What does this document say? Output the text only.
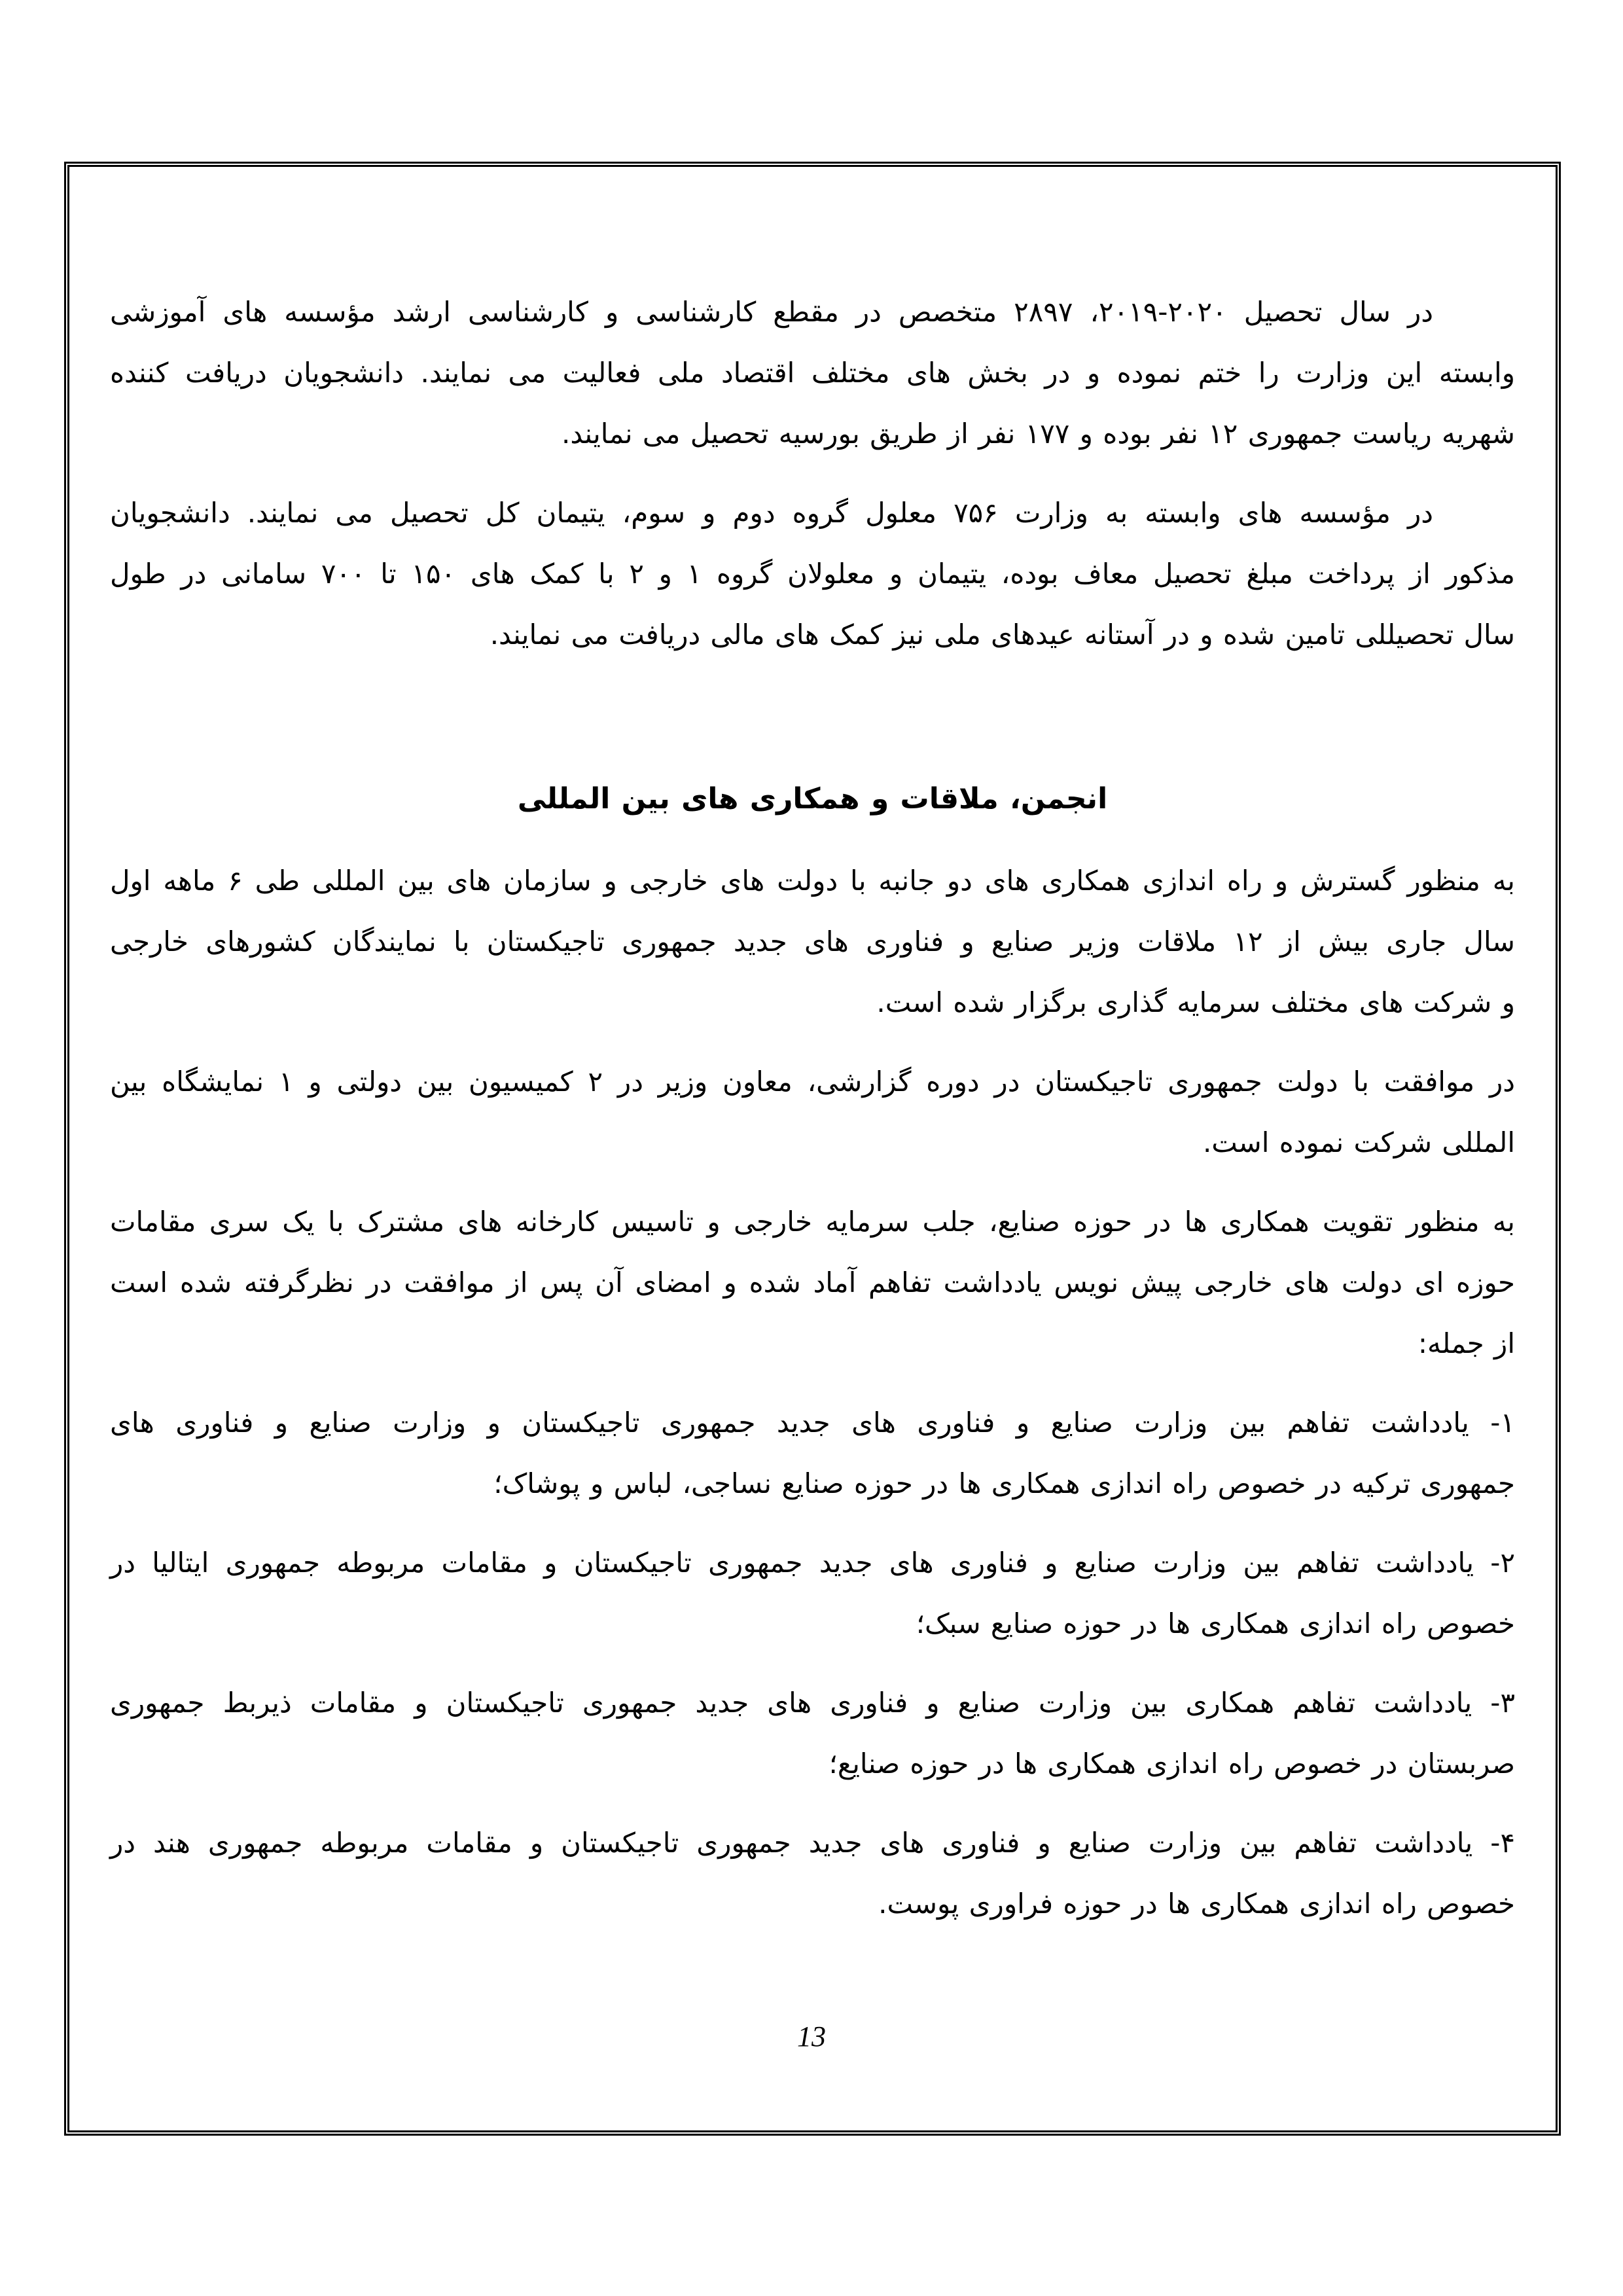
در سال تحصیل ۲۰۲۰-۲۰۱۹، ۲۸۹۷ متخصص در مقطع کارشناسی و کارشناسی ارشد مؤسسه های آموزشی
وابسته این وزارت را ختم نموده و در بخش های مختلف اقتصاد ملی فعالیت می نمایند. دانشجویان دریافت کننده
شهریه ریاست جمهوری ۱۲ نفر بوده و ۱۷۷ نفر از طریق بورسیه تحصیل می نمایند.
در مؤسسه های وابسته به وزارت ۷۵۶ معلول گروه دوم و سوم، یتیمان کل تحصیل می نمایند. دانشجویان
مذکور از پرداخت مبلغ تحصیل معاف بوده، یتیمان و معلولان گروه ۱ و ۲ با کمک های ۱۵۰ تا ۷۰۰ سامانی در طول
سال تحصیللی تامین شده و در آستانه عیدهای ملی نیز کمک های مالی دریافت می نمایند.
انجمن، ملاقات و همکاری های بین المللی
به منظور گسترش و راه اندازی همکاری های دو جانبه با دولت های خارجی و سازمان های بین المللی طی ۶ ماهه اول
سال جاری بیش از ۱۲ ملاقات وزیر صنایع و فناوری های جدید جمهوری تاجیکستان با نمایندگان کشورهای خارجی
و شرکت های مختلف سرمایه گذاری برگزار شده است.
در موافقت با دولت جمهوری تاجیکستان در دوره گزارشی، معاون وزیر در ۲ کمیسیون بین دولتی و ۱ نمایشگاه بین
المللی شرکت نموده است.
به منظور تقویت همکاری ها در حوزه صنایع، جلب سرمایه خارجی و تاسیس کارخانه های مشترک با یک سری مقامات
حوزه ای دولت های خارجی پیش نویس یادداشت تفاهم آماد شده و امضای آن پس از موافقت در نظرگرفته شده است
از جمله:
۱- یادداشت تفاهم بین وزارت صنایع و فناوری های جدید جمهوری تاجیکستان و وزارت صنایع و فناوری های
جمهوری ترکیه در خصوص راه اندازی همکاری ها در حوزه صنایع نساجی، لباس و پوشاک؛
۲- یادداشت تفاهم بین وزارت صنایع و فناوری های جدید جمهوری تاجیکستان و مقامات مربوطه جمهوری ایتالیا در
خصوص راه اندازی همکاری ها در حوزه صنایع سبک؛
۳- یادداشت تفاهم همکاری بین وزارت صنایع و فناوری های جدید جمهوری تاجیکستان و مقامات ذیربط جمهوری
صربستان در خصوص راه اندازی همکاری ها در حوزه صنایع؛
۴- یادداشت تفاهم بین وزارت صنایع و فناوری های جدید جمهوری تاجیکستان و مقامات مربوطه جمهوری هند در
خصوص راه اندازی همکاری ها در حوزه فراوری پوست.
13
